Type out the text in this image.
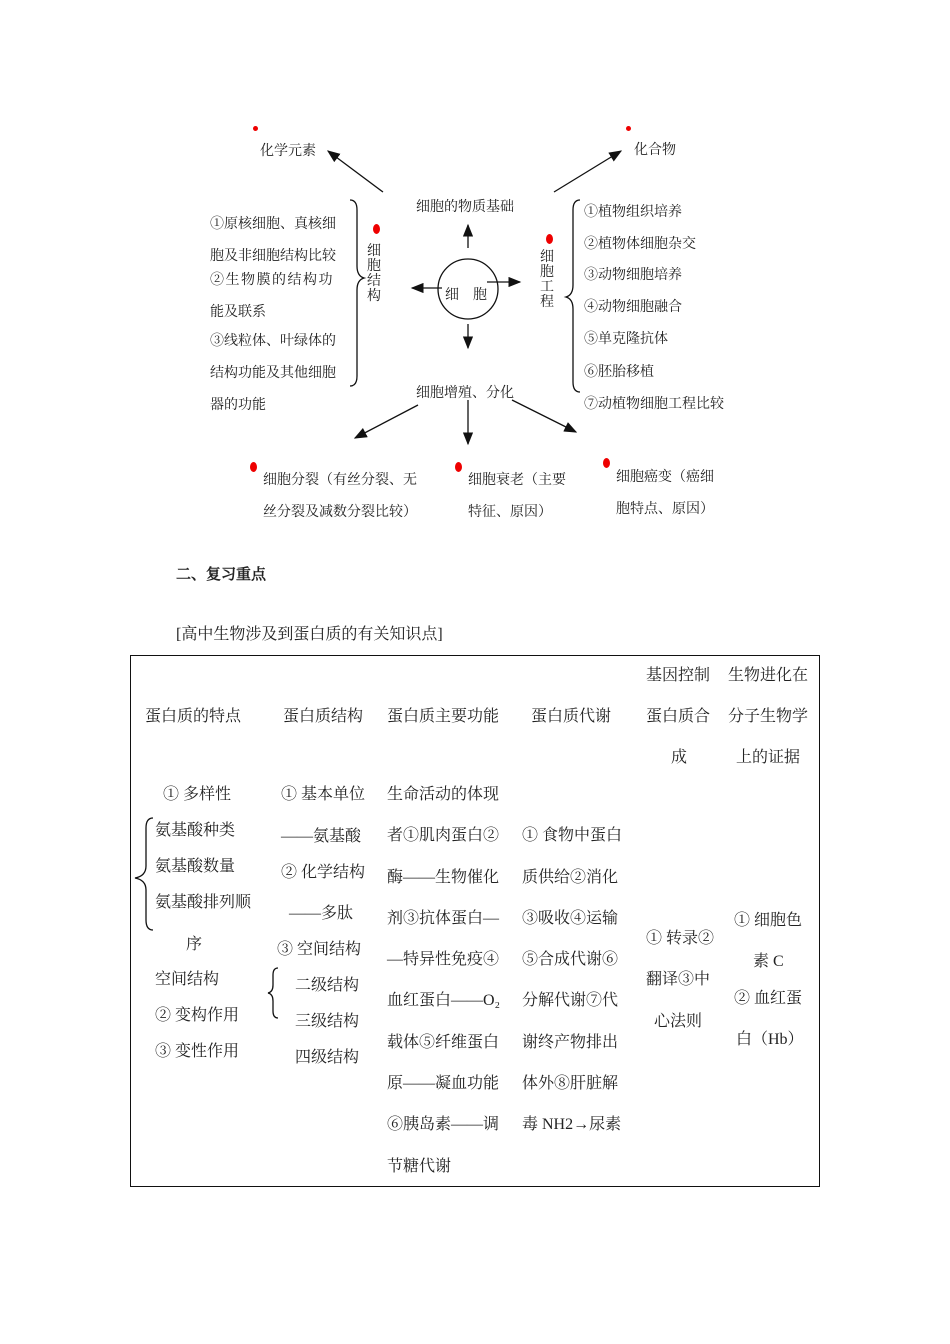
化学元素	化合物
细胞的物质基础
细　胞
细胞增殖、分化
细胞结构
细胞工程
①原核细胞、真核细
胞及非细胞结构比较
②生物膜的结构功
能及联系
③线粒体、叶绿体的
结构功能及其他细胞
器的功能
①植物组织培养
②植物体细胞杂交
③动物细胞培养
④动物细胞融合
⑤单克隆抗体
⑥胚胎移植
⑦动植物细胞工程比较
细胞分裂（有丝分裂、无
丝分裂及减数分裂比较）
细胞衰老（主要
特征、原因）
细胞癌变（癌细
胞特点、原因）
二、复习重点
[高中生物涉及到蛋白质的有关知识点]
蛋白质的特点	蛋白质结构 蛋白质主要功能 蛋白质代谢
基因控制
蛋白质合
成
生物进化在
分子生物学
上的证据
① 多样性
氨基酸种类
氨基酸数量
氨基酸排列顺
序
空间结构
② 变构作用
③ 变性作用
① 基本单位
——氨基酸
② 化学结构
——多肽
③ 空间结构
二级结构
三级结构
四级结构
生命活动的体现
者①肌肉蛋白②
酶——生物催化
剂③抗体蛋白—
—特异性免疫④
血红蛋白——O₂
载体⑤纤维蛋白
原——凝血功能
⑥胰岛素——调
节糖代谢
① 食物中蛋白
质供给②消化
③吸收④运输
⑤合成代谢⑥
分解代谢⑦代
谢终产物排出
体外⑧肝脏解
毒 NH2→尿素
① 转录②
翻译③中
心法则
① 细胞色
素 C
② 血红蛋
白（Hb）
